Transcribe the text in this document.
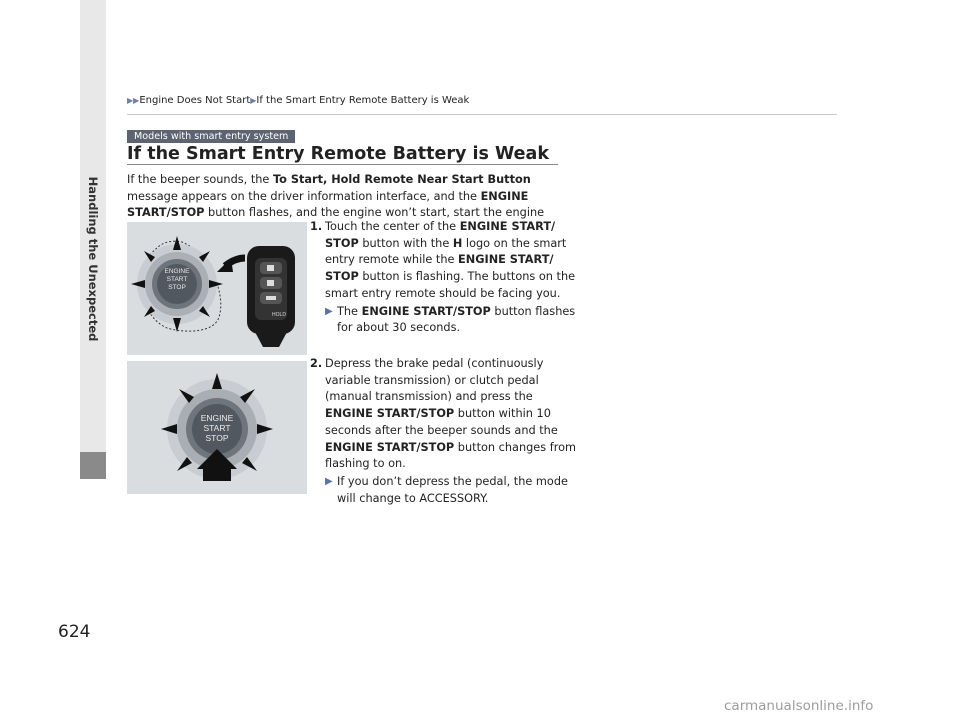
Handling the Unexpected
▶▶Engine Does Not Start▶If the Smart Entry Remote Battery is Weak
Models with smart entry system
If the Smart Entry Remote Battery is Weak
If the beeper sounds, the To Start, Hold Remote Near Start Button message appears on the driver information interface, and the ENGINE START/STOP button flashes, and the engine won’t start, start the engine
ENGINE
START
STOP
HOLD
ENGINE
START
STOP
1. Touch the center of the ENGINE START/ STOP button with the H logo on the smart entry remote while the ENGINE START/ STOP button is flashing. The buttons on the smart entry remote should be facing you.
▶ The ENGINE START/STOP button flashes for about 30 seconds.
2. Depress the brake pedal (continuously variable transmission) or clutch pedal (manual transmission) and press the ENGINE START/STOP button within 10 seconds after the beeper sounds and the ENGINE START/STOP button changes from flashing to on.
▶ If you don’t depress the pedal, the mode will change to ACCESSORY.
624
carmanualsonline.info
